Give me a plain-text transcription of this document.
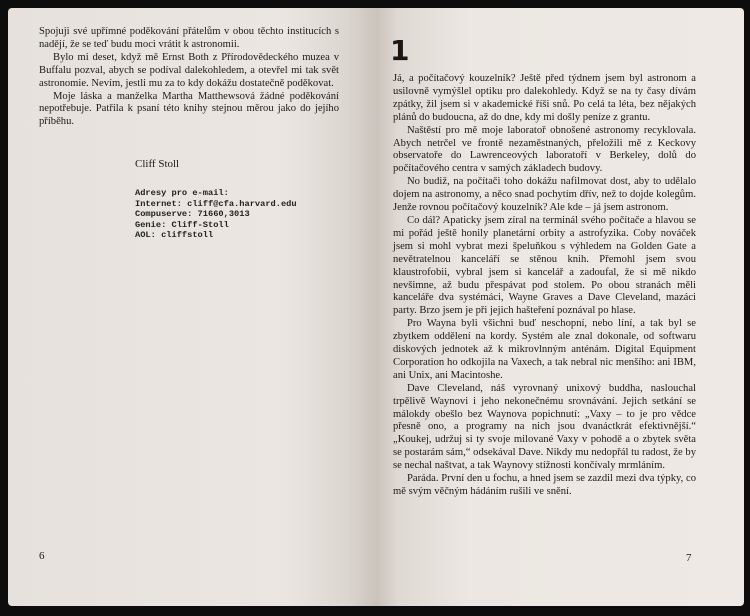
Spojuji své upřímné poděkování přátelům v obou těchto institucích s nadějí, že se teď budu moci vrátit k astronomii.

Bylo mi deset, když mě Ernst Both z Přírodovědeckého muzea v Buffalu pozval, abych se podíval dalekohledem, a otevřel mi tak svět astronomie. Nevím, jestli mu za to kdy dokážu dostatečně poděkovat.

Moje láska a manželka Martha Matthewsová žádné poděkování nepotřebuje. Patřila k psaní této knihy stejnou měrou jako do jejího příběhu.

Cliff Stoll

Adresy pro e-mail:
Internet: cliff@cfa.harvard.edu
Compuserve: 71660,3013
Genie: Cliff-Stoll
AOL: cliffstoll

6

1

Já, a počítačový kouzelník? Ještě před týdnem jsem byl astronom a usilovně vymýšlel optiku pro dalekohledy. Když se na ty časy dívám zpátky, žil jsem si v akademické říši snů. Po celá ta léta, bez nějakých plánů do budoucna, až do dne, kdy mi došly peníze z grantu.

Naštěstí pro mě moje laboratoř obnošené astronomy recyklovala. Abych netrčel ve frontě nezaměstnaných, přeložili mě z Keckovy observatoře do Lawrenceových laboratoří v Berkeley, dolů do počítačového centra v samých základech budovy.

No budiž, na počítači toho dokážu nafilmovat dost, aby to udělalo dojem na astronomy, a něco snad pochytím dřív, než to dojde kolegům. Jenže rovnou počítačový kouzelník? Ale kde – já jsem astronom.

Co dál? Apaticky jsem zíral na terminál svého počítače a hlavou se mi pořád ještě honily planetární orbity a astrofyzika. Coby nováček jsem si mohl vybrat mezi špeluňkou s výhledem na Golden Gate a nevětratelnou kanceláří se stěnou knih. Přemohl jsem svou klaustrofobii, vybral jsem si kancelář a zadoufal, že si mě nikdo nevšimne, až budu přespávat pod stolem. Po obou stranách měli kanceláře dva systémáci, Wayne Graves a Dave Cleveland, mazáci party. Brzo jsem je při jejich hašteření poznával po hlase.

Pro Wayna byli všichni buď neschopní, nebo líní, a tak byl se zbytkem oddělení na kordy. Systém ale znal dokonale, od softwaru diskových jednotek až k mikrovlnným anténám. Digital Equipment Corporation ho odkojila na Vaxech, a tak nebral nic menšího: ani IBM, ani Unix, ani Macintoshe.

Dave Cleveland, náš vyrovnaný unixový buddha, naslouchal trpělivě Waynovi i jeho nekonečnému srovnávání. Jejich setkání se málokdy obešlo bez Waynova popichnutí: „Vaxy – to je pro vědce přesně ono, a programy na nich jsou dvanáctkrát efektivnější.“ „Koukej, udržuj si ty svoje milované Vaxy v pohodě a o zbytek světa se postarám sám,“ odsekával Dave. Nikdy mu nedopřál tu radost, že by se nechal naštvat, a tak Waynovy stížnosti končívaly mrmláním.

Paráda. První den u fochu, a hned jsem se zazdil mezi dva týpky, co mě svým věčným hádáním rušili ve snění.

7
